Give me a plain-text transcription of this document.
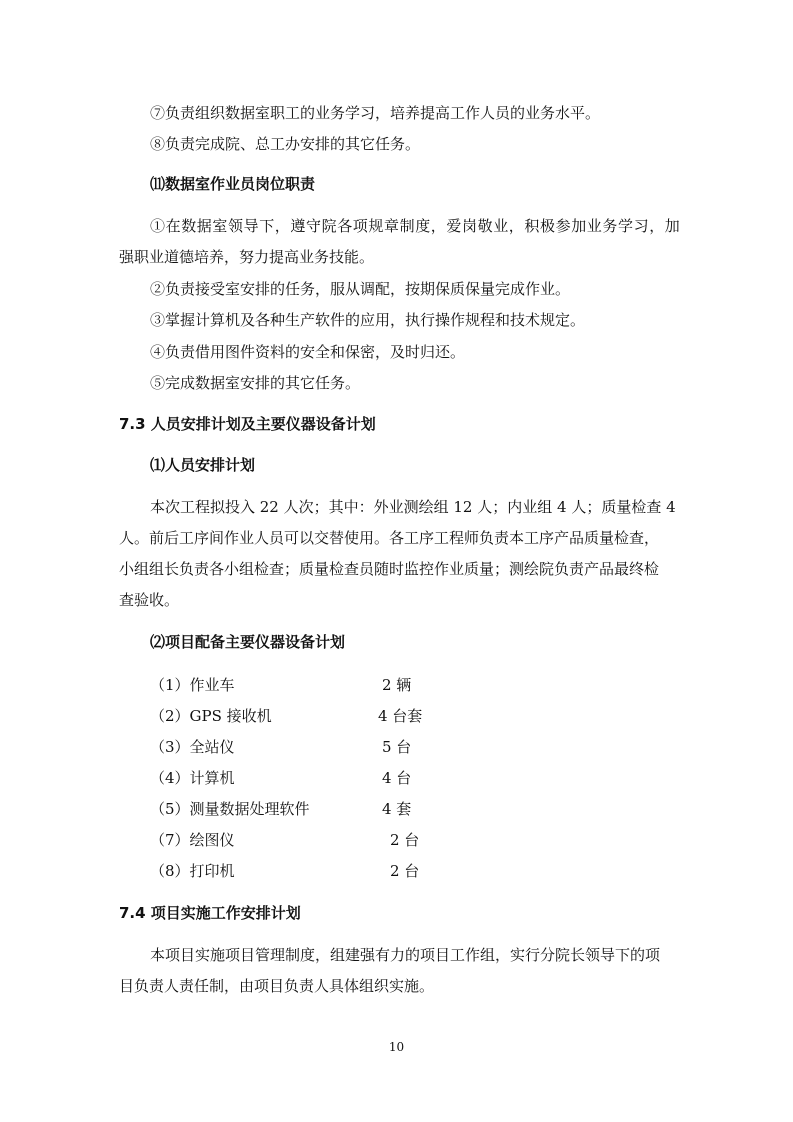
⑦负责组织数据室职工的业务学习，培养提高工作人员的业务水平。
⑧负责完成院、总工办安排的其它任务。
⑾数据室作业员岗位职责
①在数据室领导下，遵守院各项规章制度，爱岗敬业，积极参加业务学习，加
强职业道德培养，努力提高业务技能。
②负责接受室安排的任务，服从调配，按期保质保量完成作业。
③掌握计算机及各种生产软件的应用，执行操作规程和技术规定。
④负责借用图件资料的安全和保密，及时归还。
⑤完成数据室安排的其它任务。
7.3 人员安排计划及主要仪器设备计划
⑴人员安排计划
本次工程拟投入 22 人次；其中：外业测绘组 12 人；内业组 4 人；质量检查 4
人。前后工序间作业人员可以交替使用。各工序工程师负责本工序产品质量检查，
小组组长负责各小组检查；质量检查员随时监控作业质量；测绘院负责产品最终检
查验收。
⑵项目配备主要仪器设备计划
（1）作业车	2 辆
（2）GPS 接收机	4 台套
（3）全站仪	5 台
（4）计算机	4 台
（5）测量数据处理软件	4 套
（7）绘图仪	2 台
（8）打印机	2 台
7.4 项目实施工作安排计划
本项目实施项目管理制度，组建强有力的项目工作组，实行分院长领导下的项
目负责人责任制，由项目负责人具体组织实施。
10
